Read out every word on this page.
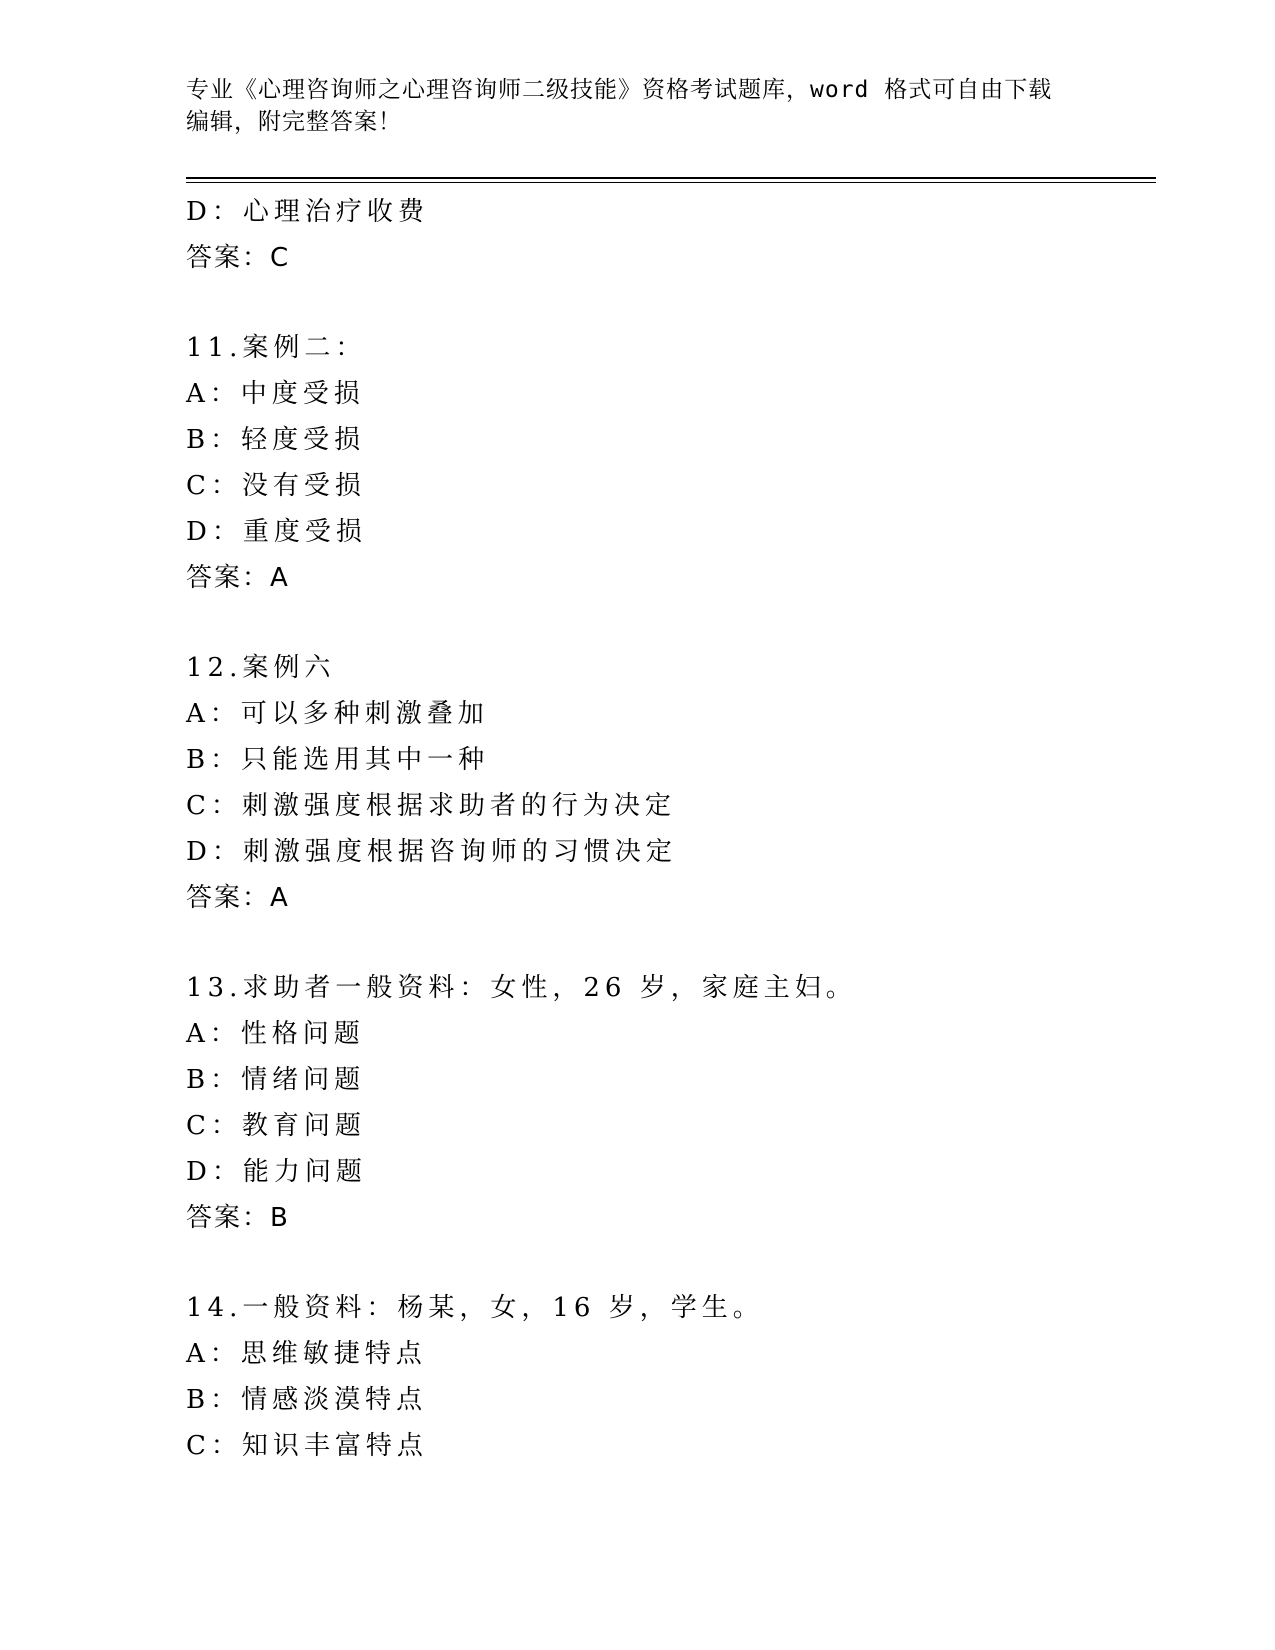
专业《心理咨询师之心理咨询师二级技能》资格考试题库，word 格式可自由下载
编辑，附完整答案！
D：心理治疗收费
答案：C
11.案例二：
A：中度受损
B：轻度受损
C：没有受损
D：重度受损
答案：A
12.案例六
A：可以多种刺激叠加
B：只能选用其中一种
C：刺激强度根据求助者的行为决定
D：刺激强度根据咨询师的习惯决定
答案：A
13.求助者一般资料：女性，26 岁，家庭主妇。
A：性格问题
B：情绪问题
C：教育问题
D：能力问题
答案：B
14.一般资料：杨某，女，16 岁，学生。
A：思维敏捷特点
B：情感淡漠特点
C：知识丰富特点
